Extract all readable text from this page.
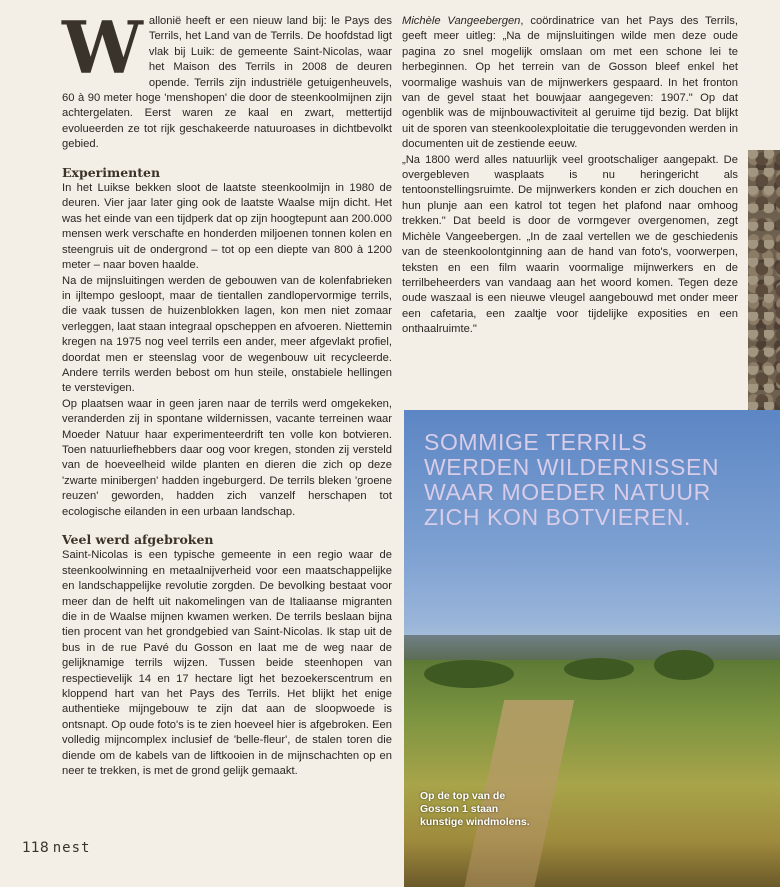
Wallonië heeft er een nieuw land bij: le Pays des Terrils, het Land van de Terrils. De hoofdstad ligt vlak bij Luik: de gemeente Saint-Nicolas, waar het Maison des Terrils in 2008 de deuren opende. Terrils zijn industriële getuigenheuvels, 60 à 90 meter hoge 'menshopen' die door de steenkoolmijnen zijn achtergelaten. Eerst waren ze kaal en zwart, mettertijd evolueerden ze tot rijk geschakeerde natuuroases in dichtbevolkt gebied.

Experimenten

In het Luikse bekken sloot de laatste steenkoolmijn in 1980 de deuren. Vier jaar later ging ook de laatste Waalse mijn dicht. Het was het einde van een tijdperk dat op zijn hoogtepunt aan 200.000 mensen werk verschafte en honderden miljoenen tonnen kolen en steengruis uit de ondergrond – tot op een diepte van 800 à 1200 meter – naar boven haalde.

Na de mijnsluitingen werden de gebouwen van de kolenfabrieken in ijltempo gesloopt, maar de tientallen zandlopervormige terrils, die vaak tussen de huizenblokken lagen, kon men niet zomaar verleggen, laat staan integraal opscheppen en afvoeren. Niettemin kregen na 1975 nog veel terrils een ander, meer afgevlakt profiel, doordat men er steenslag voor de wegenbouw uit recycleerde. Andere terrils werden bebost om hun steile, onstabiele hellingen te verstevigen.

Op plaatsen waar in geen jaren naar de terrils werd omgekeken, veranderden zij in spontane wildernissen, vacante terreinen waar Moeder Natuur haar experimenteerdrift ten volle kon botvieren. Toen natuurliefhebbers daar oog voor kregen, stonden zij versteld van de hoeveelheid wilde planten en dieren die zich op deze 'zwarte minibergen' hadden ingeburgerd. De terrils bleken 'groene reuzen' geworden, hadden zich vanzelf herschapen tot ecologische eilanden in een urbaan landschap.

Veel werd afgebroken

Saint-Nicolas is een typische gemeente in een regio waar de steenkoolwinning en metaalnijverheid voor een maatschappelijke en landschappelijke revolutie zorgden. De bevolking bestaat voor meer dan de helft uit nakomelingen van de Italiaanse migranten die in de Waalse mijnen kwamen werken. De terrils beslaan bijna tien procent van het grondgebied van Saint-Nicolas. Ik stap uit de bus in de rue Pavé du Gosson en laat me de weg naar de gelijknamige terrils wijzen. Tussen beide steenhopen van respectievelijk 14 en 17 hectare ligt het bezoekerscentrum en kloppend hart van het Pays des Terrils. Het blijkt het enige authentieke mijngebouw te zijn dat aan de sloopwoede is ontsnapt. Op oude foto's is te zien hoeveel hier is afgebroken. Een volledig mijncomplex inclusief de 'belle-fleur', de stalen toren die diende om de kabels van de liftkooien in de mijnschachten op en neer te trekken, is met de grond gelijk gemaakt.

Michèle Vangeebergen, coördinatrice van het Pays des Terrils, geeft meer uitleg: „Na de mijnsluitingen wilde men deze oude pagina zo snel mogelijk omslaan om met een schone lei te herbeginnen. Op het terrein van de Gosson bleef enkel het voormalige washuis van de mijnwerkers gespaard. In het fronton van de gevel staat het bouwjaar aangegeven: 1907." Op dat ogenblik was de mijnbouwactiviteit al geruime tijd bezig. Dat blijkt uit de sporen van steenkoolexploitatie die teruggevonden werden in documenten uit de zestiende eeuw.

„Na 1800 werd alles natuurlijk veel grootschaliger aangepakt. De overgebleven wasplaats is nu heringericht als tentoonstellingsruimte. De mijnwerkers konden er zich douchen en hun plunje aan een katrol tot tegen het plafond naar omhoog trekken." Dat beeld is door de vormgever overgenomen, zegt Michèle Vangeebergen. „In de zaal vertellen we de geschiedenis van de steenkoolontginning aan de hand van foto's, voorwerpen, teksten en een film waarin voormalige mijnwerkers en de terrilbeheerders van vandaag aan het woord komen. Tegen deze oude waszaal is een nieuwe vleugel aangebouwd met onder meer een cafetaria, een zaaltje voor tijdelijke exposities en een onthaalruimte."

SOMMIGE TERRILS
WERDEN WILDERNISSEN
WAAR MOEDER NATUUR
ZICH KON BOTVIEREN.
Op de top van de Gosson 1 staan kunstige windmolens.
118 nest
